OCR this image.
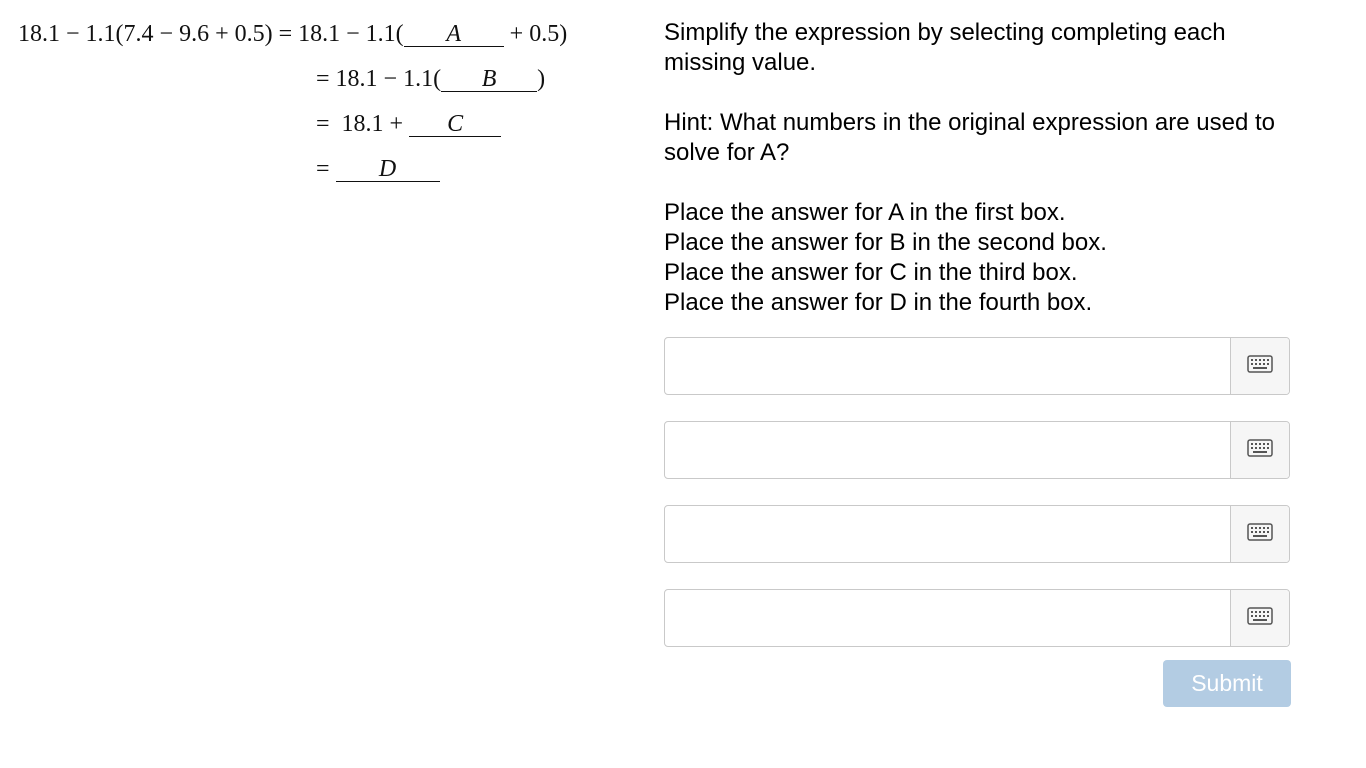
18.1 − 1.1(7.4 − 9.6 + 0.5) = 18.1 − 1.1( A + 0.5)
= 18.1 − 1.1( B )
=  18.1 + C
= D

Simplify the expression by selecting completing each missing value.

Hint: What numbers in the original expression are used to solve for A?

Place the answer for A in the first box.

Place the answer for B in the second box.

Place the answer for C in the third box.

Place the answer for D in the fourth box.

Submit
